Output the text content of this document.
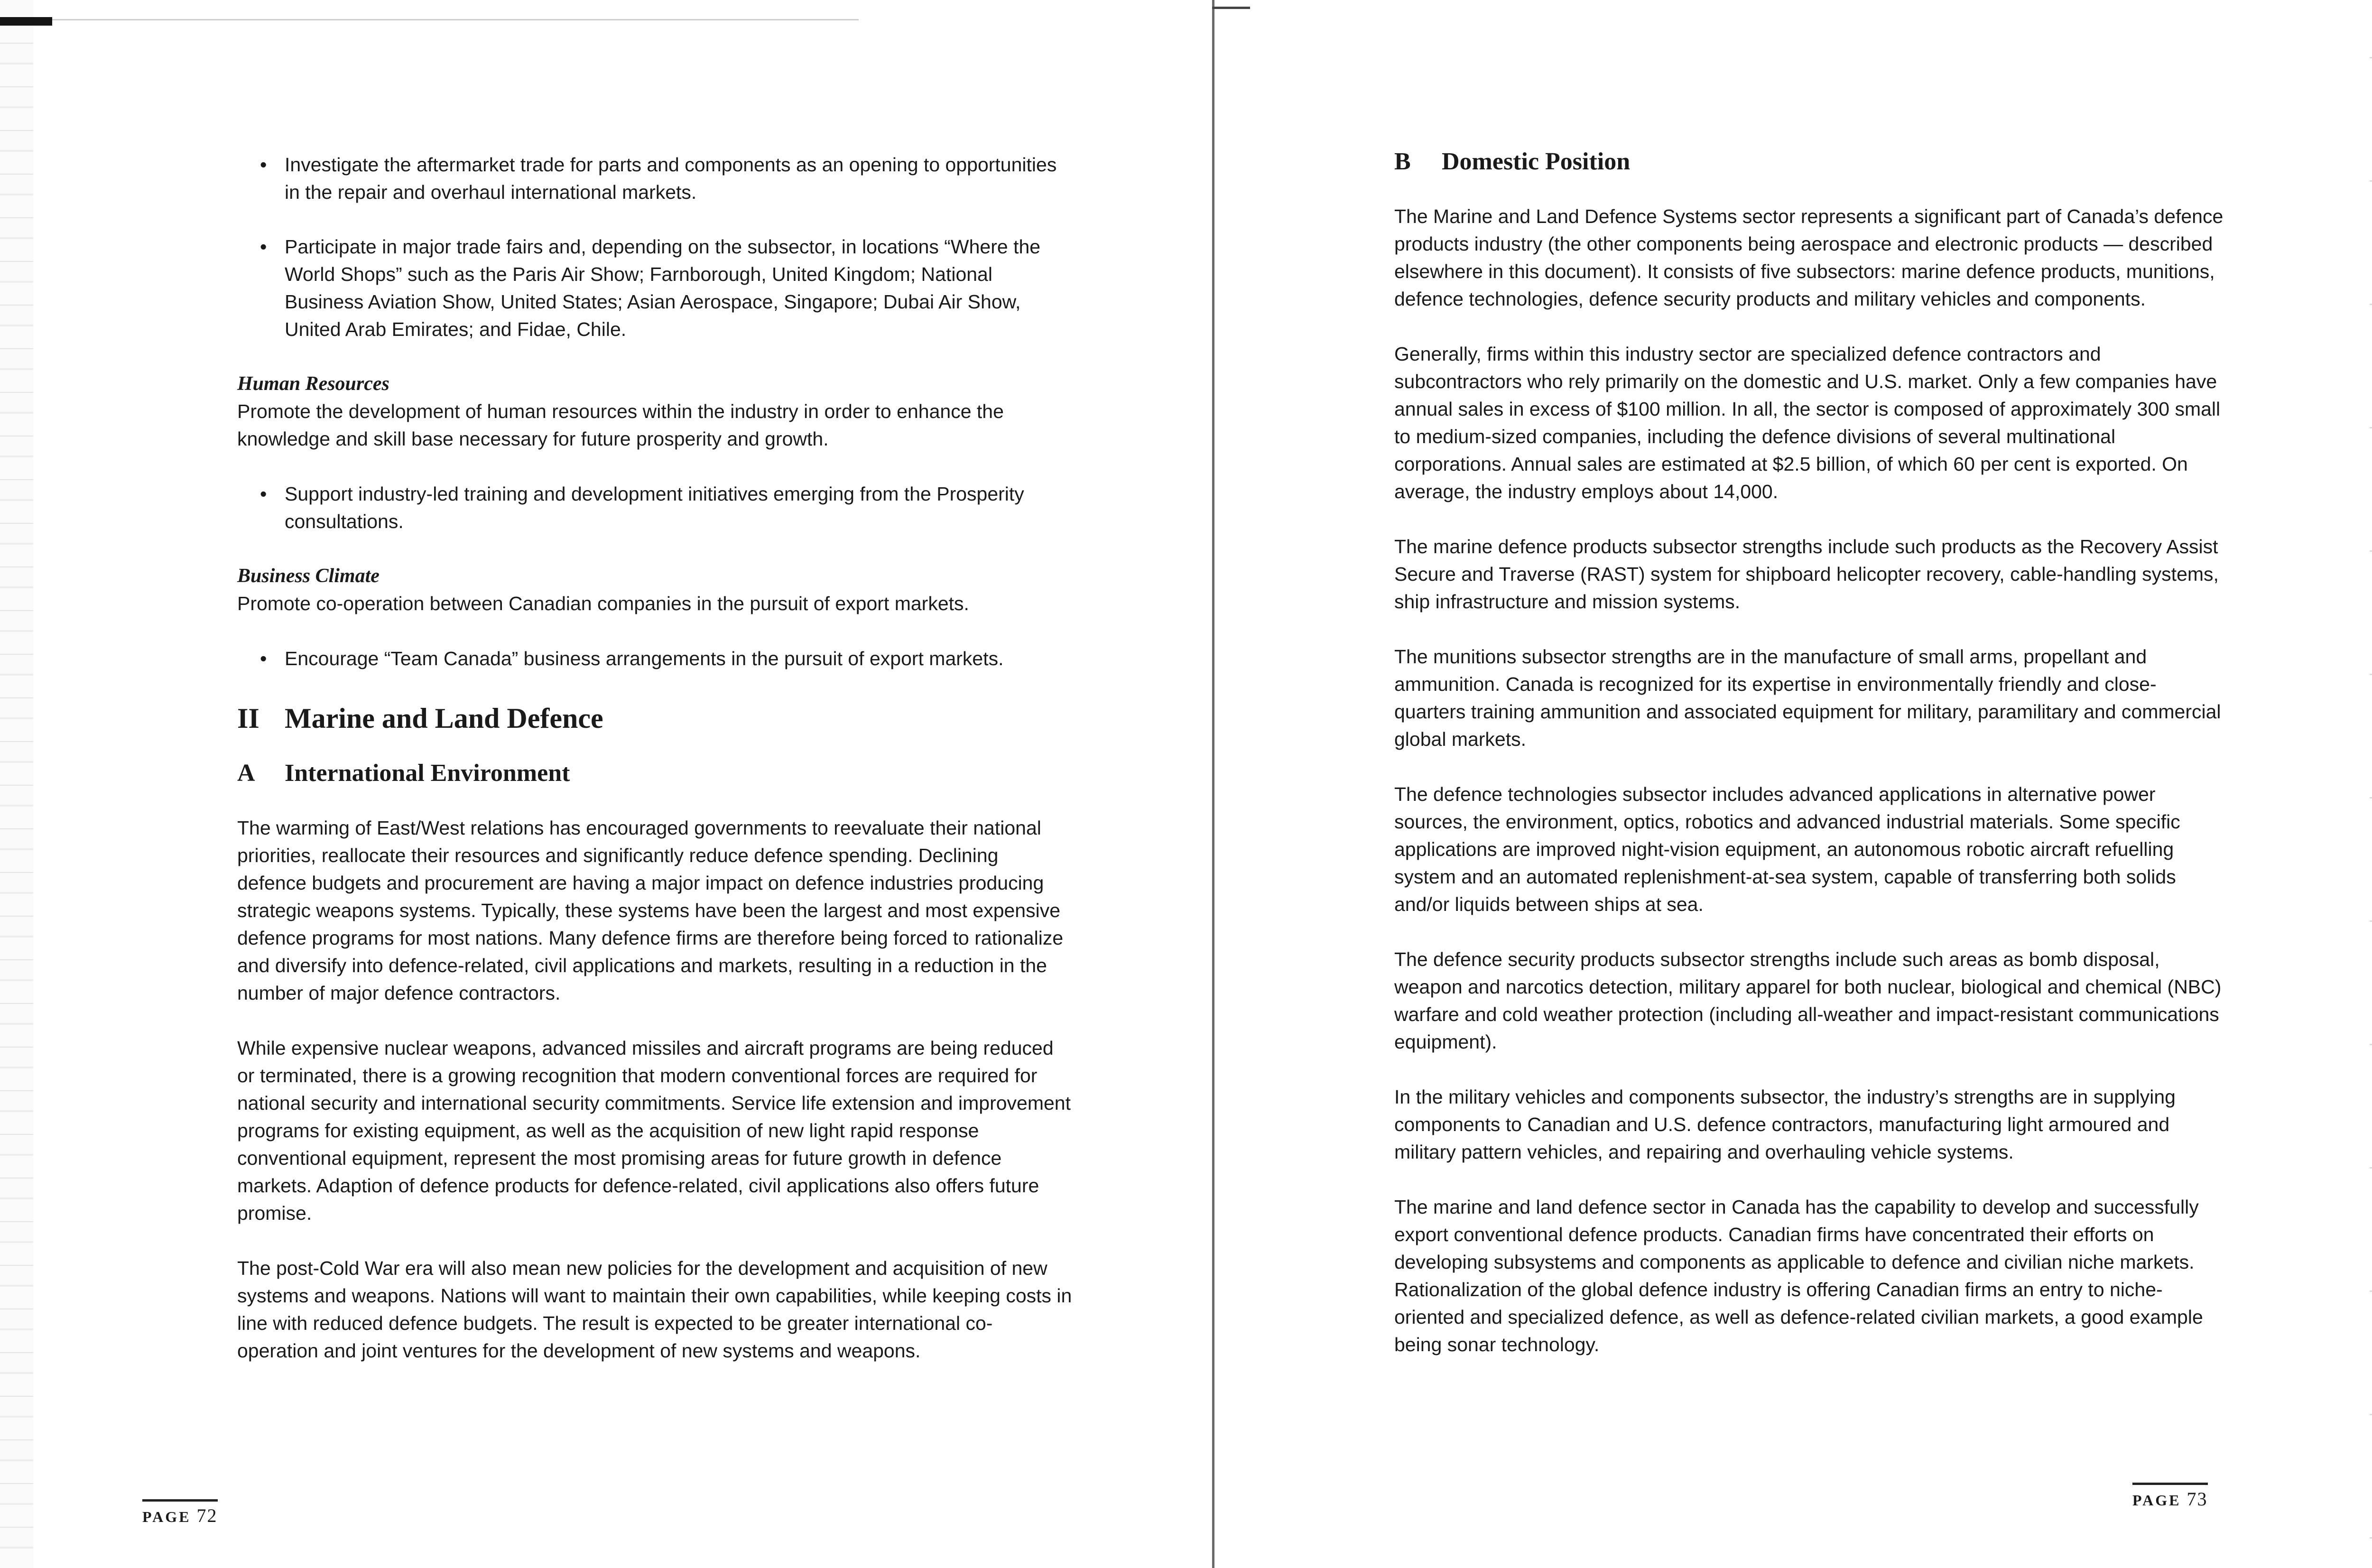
• Investigate the aftermarket trade for parts and components as an opening to opportunities in the repair and overhaul international markets.
• Participate in major trade fairs and, depending on the subsector, in locations “Where the World Shops” such as the Paris Air Show; Farnborough, United Kingdom; National Business Aviation Show, United States; Asian Aerospace, Singapore; Dubai Air Show, United Arab Emirates; and Fidae, Chile.

Human Resources

Promote the development of human resources within the industry in order to enhance the knowledge and skill base necessary for future prosperity and growth.

• Support industry-led training and development initiatives emerging from the Prosperity consultations.

Business Climate

Promote co-operation between Canadian companies in the pursuit of export markets.

• Encourage “Team Canada” business arrangements in the pursuit of export markets.
II Marine and Land Defence
A International Environment

The warming of East/West relations has encouraged governments to reevaluate their national priorities, reallocate their resources and significantly reduce defence spending. Declining defence budgets and procurement are having a major impact on defence industries producing strategic weapons systems. Typically, these systems have been the largest and most expensive defence programs for most nations. Many defence firms are therefore being forced to rationalize and diversify into defence-related, civil applications and markets, resulting in a reduction in the number of major defence contractors.

While expensive nuclear weapons, advanced missiles and aircraft programs are being reduced or terminated, there is a growing recognition that modern conventional forces are required for national security and international security commitments. Service life extension and improvement programs for existing equipment, as well as the acquisition of new light rapid response conventional equipment, represent the most promising areas for future growth in defence markets. Adaption of defence products for defence-related, civil applications also offers future promise.

The post-Cold War era will also mean new policies for the development and acquisition of new systems and weapons. Nations will want to maintain their own capabilities, while keeping costs in line with reduced defence budgets. The result is expected to be greater international co-operation and joint ventures for the development of new systems and weapons.

PAGE 72
B Domestic Position

The Marine and Land Defence Systems sector represents a significant part of Canada’s defence products industry (the other components being aerospace and electronic products — described elsewhere in this document). It consists of five subsectors: marine defence products, munitions, defence technologies, defence security products and military vehicles and components.

Generally, firms within this industry sector are specialized defence contractors and subcontractors who rely primarily on the domestic and U.S. market. Only a few companies have annual sales in excess of $100 million. In all, the sector is composed of approximately 300 small to medium-sized companies, including the defence divisions of several multinational corporations. Annual sales are estimated at $2.5 billion, of which 60 per cent is exported. On average, the industry employs about 14,000.

The marine defence products subsector strengths include such products as the Recovery Assist Secure and Traverse (RAST) system for shipboard helicopter recovery, cable-handling systems, ship infrastructure and mission systems.

The munitions subsector strengths are in the manufacture of small arms, propellant and ammunition. Canada is recognized for its expertise in environmentally friendly and close-quarters training ammunition and associated equipment for military, paramilitary and commercial global markets.

The defence technologies subsector includes advanced applications in alternative power sources, the environment, optics, robotics and advanced industrial materials. Some specific applications are improved night-vision equipment, an autonomous robotic aircraft refuelling system and an automated replenishment-at-sea system, capable of transferring both solids and/or liquids between ships at sea.

The defence security products subsector strengths include such areas as bomb disposal, weapon and narcotics detection, military apparel for both nuclear, biological and chemical (NBC) warfare and cold weather protection (including all-weather and impact-resistant communications equipment).

In the military vehicles and components subsector, the industry’s strengths are in supplying components to Canadian and U.S. defence contractors, manufacturing light armoured and military pattern vehicles, and repairing and overhauling vehicle systems.

The marine and land defence sector in Canada has the capability to develop and successfully export conventional defence products. Canadian firms have concentrated their efforts on developing subsystems and components as applicable to defence and civilian niche markets. Rationalization of the global defence industry is offering Canadian firms an entry to niche-oriented and specialized defence, as well as defence-related civilian markets, a good example being sonar technology.

PAGE 73
